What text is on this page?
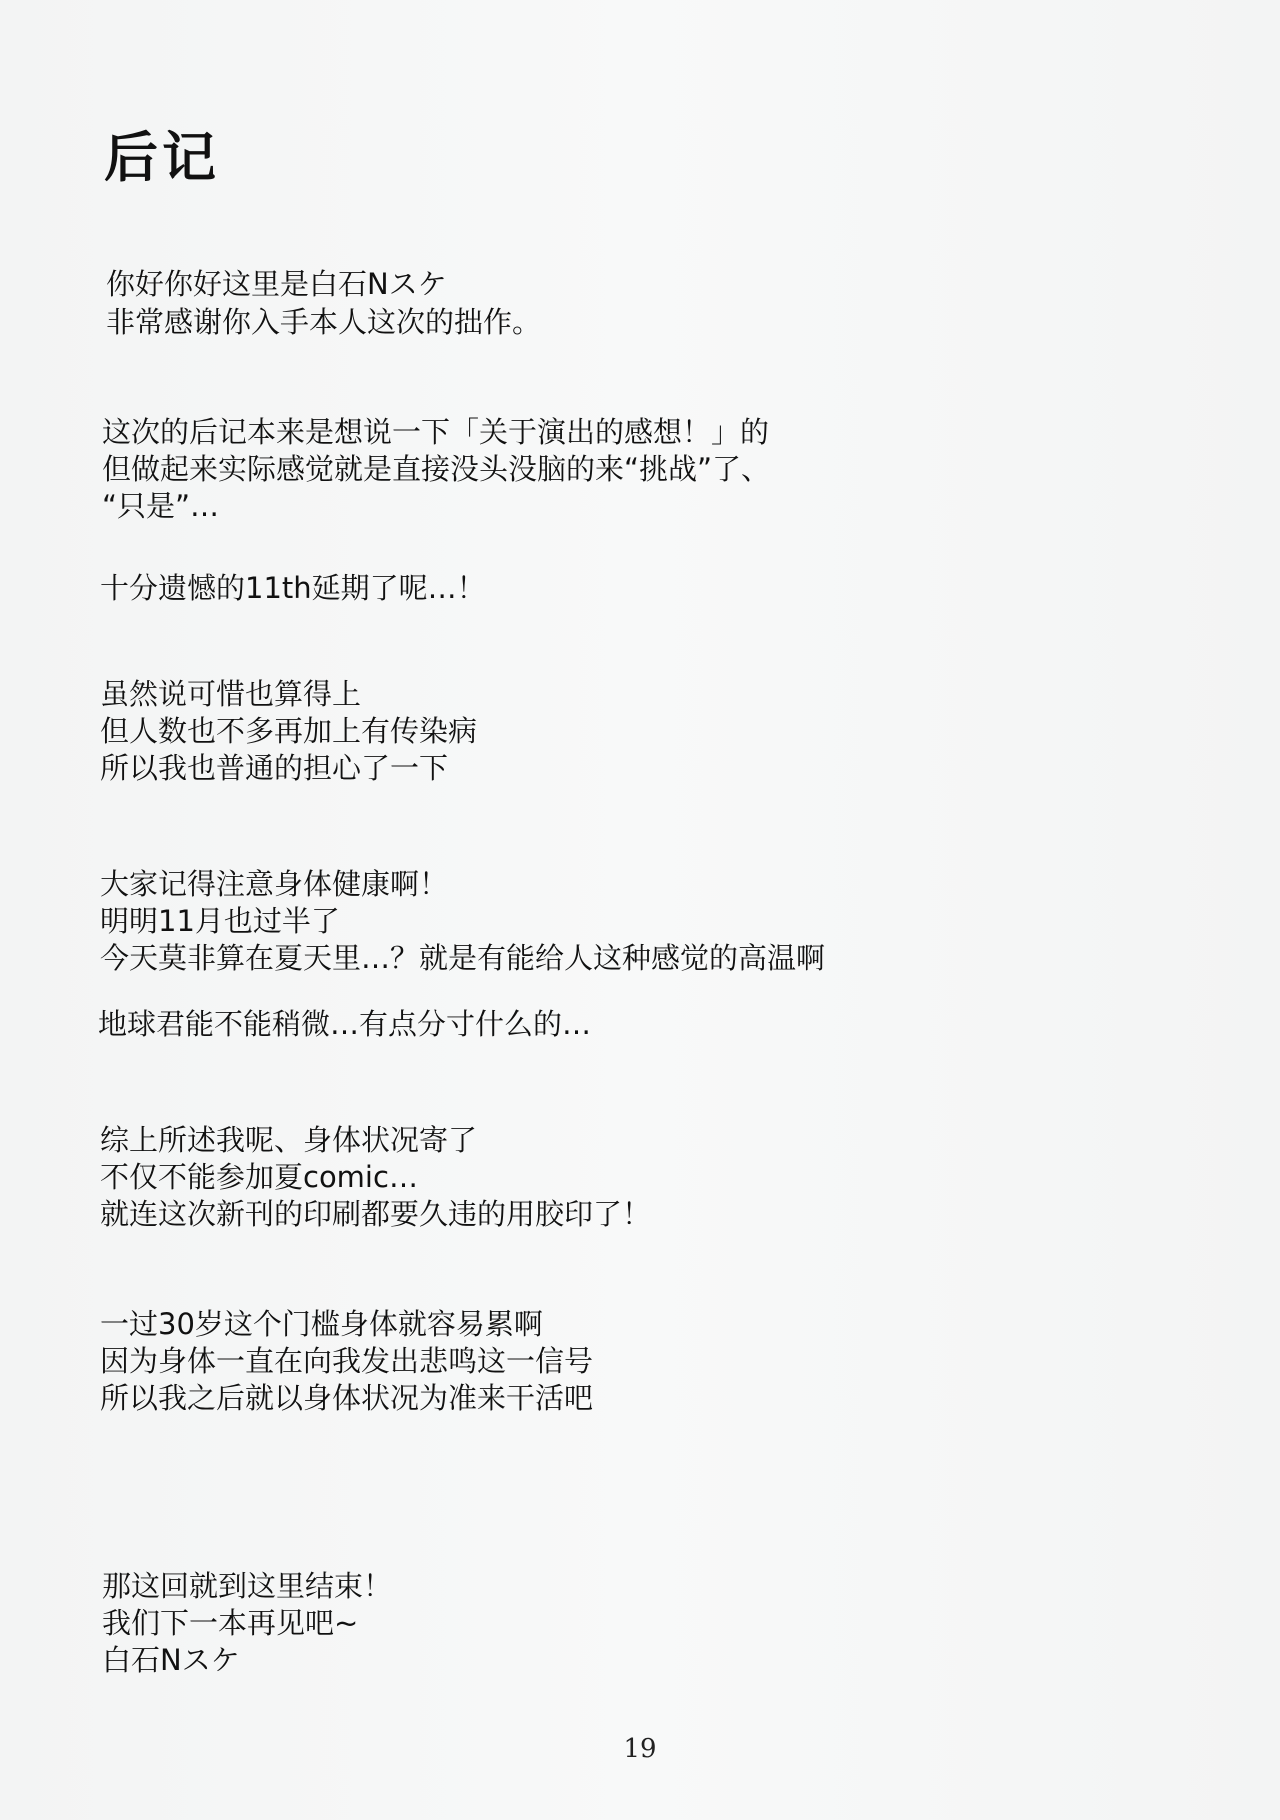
后记

你好你好这里是白石Nスケ

非常感谢你入手本人这次的拙作。

这次的后记本来是想说一下「关于演出的感想！」的

但做起来实际感觉就是直接没头没脑的来“挑战”了、

“只是”…

十分遗憾的11th延期了呢…！

虽然说可惜也算得上

但人数也不多再加上有传染病

所以我也普通的担心了一下

大家记得注意身体健康啊！

明明11月也过半了

今天莫非算在夏天里…？就是有能给人这种感觉的高温啊

地球君能不能稍微…有点分寸什么的…

综上所述我呢、身体状况寄了

不仅不能参加夏comic…

就连这次新刊的印刷都要久违的用胶印了！

一过30岁这个门槛身体就容易累啊

因为身体一直在向我发出悲鸣这一信号

所以我之后就以身体状况为准来干活吧

那这回就到这里结束！

我们下一本再见吧~

白石Nスケ

19
